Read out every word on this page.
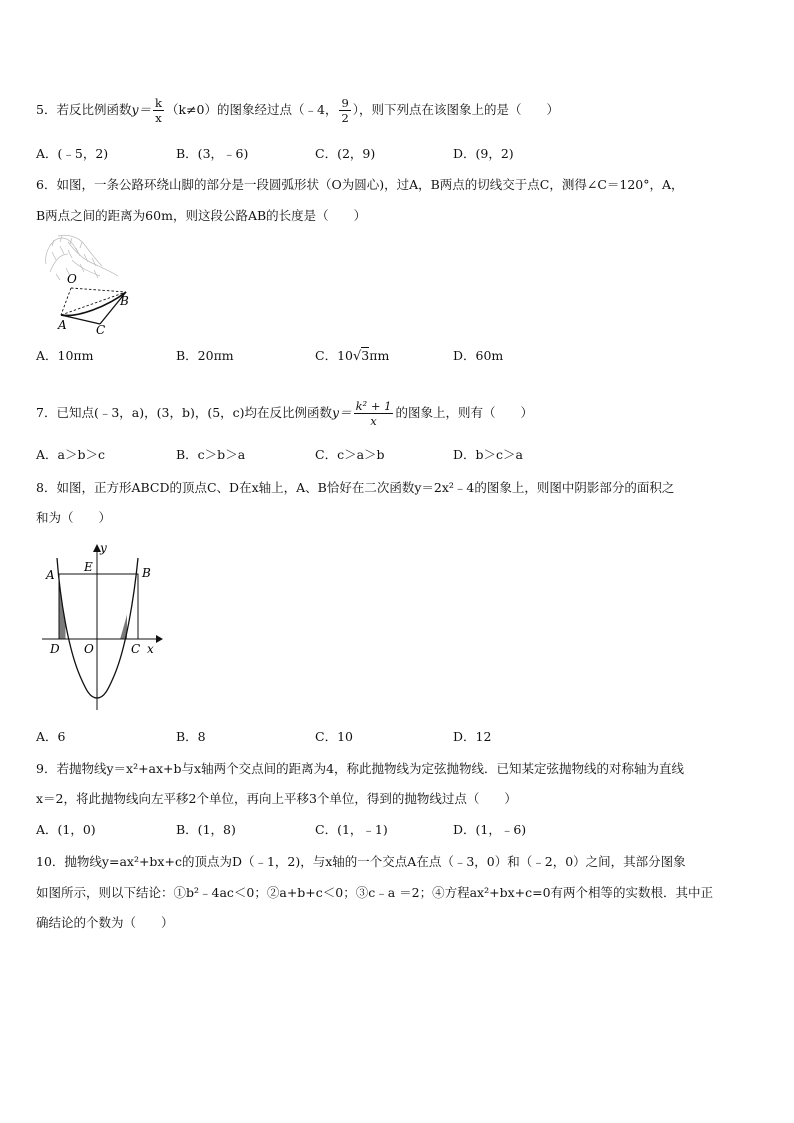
5．若反比例函数$y= \frac{k}{x} (k\ne 0)$的图象经过点（﹣4， $\frac{9}{2}$ ），则下列点在该图象上的是（　　）
A．(﹣5，2)	B．(3，﹣6)	C．(2，9)	D．(9，2)
6．如图，一条公路环绕山脚的部分是一段圆弧形状（O为圆心)，过A，B两点的切线交于点C，测得∠C＝120°，A，
B两点之间的距离为60m，则这段公路AB的长度是（　　）
O
A
B
C
A．10πm	B．20πm	C．10√3πm	D．60m
7．已知点(﹣3，a)，(3，b)，(5，c)均在反比例函数$y= \frac{\text{k² + 1}}{x}$ 的图象上，则有（　　）
A．a＞b＞c	B．c＞b＞a	C．c＞a＞b	D．b＞c＞a
8．如图，正方形ABCD的顶点C、D在x轴上，A、B恰好在二次函数y＝2x²﹣4的图象上，则图中阴影部分的面积之
和为（　　）
y
A
E	B
D O	C x
A．6	B．8	C．10	D．12
9．若抛物线y＝x²+ax+b与x轴两个交点间的距离为4，称此抛物线为定弦抛物线．已知某定弦抛物线的对称轴为直线
x＝2，将此抛物线向左平移2个单位，再向上平移3个单位，得到的抛物线过点（　　）
A．(1，0)	B．(1，8)	C．(1，﹣1)	D．(1，﹣6)
10．抛物线y=ax²+bx+c的顶点为D（﹣1，2)，与x轴的一个交点A在点（﹣3，0）和（﹣2，0）之间，其部分图象
如图所示，则以下结论：①b²﹣4ac＜0；②a+b+c＜0；③c﹣a ＝2；④方程ax²+bx+c=0有两个相等的实数根．其中正
确结论的个数为（　　）
